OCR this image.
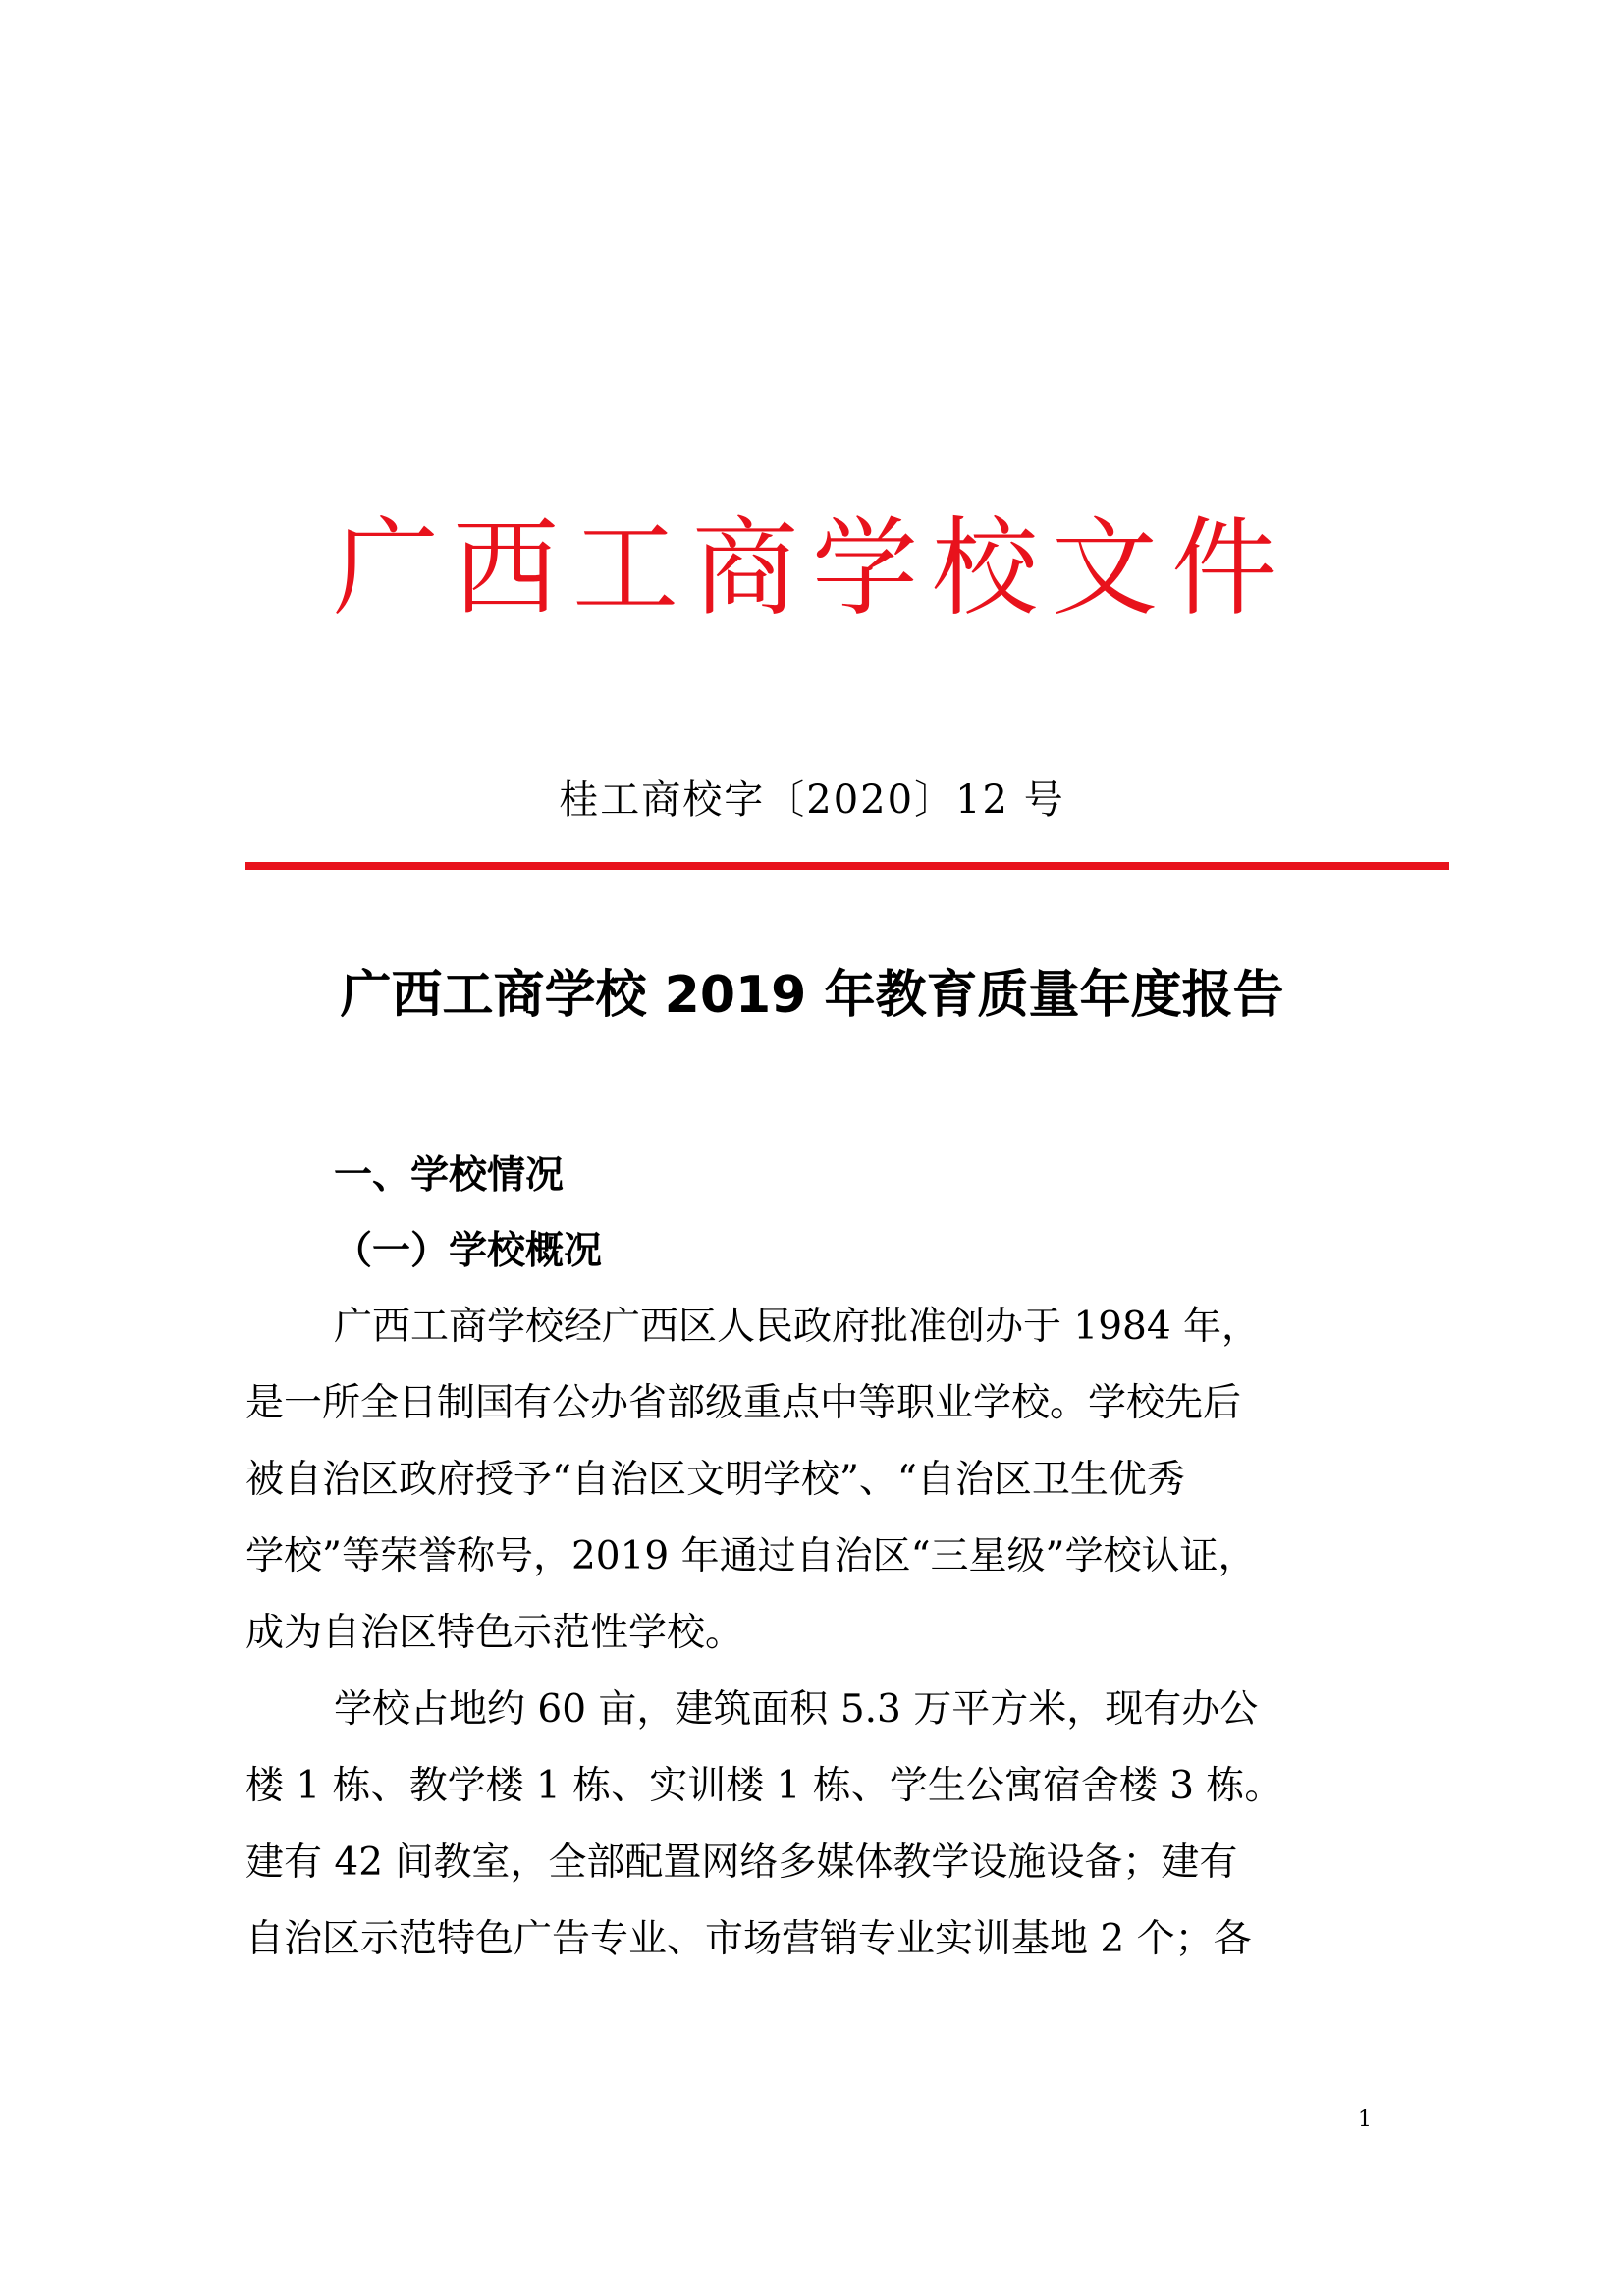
广西工商学校文件
桂工商校字〔2020〕12 号
广西工商学校 2019 年教育质量年度报告
一、学校情况
（一）学校概况
广西工商学校经广西区人民政府批准创办于 1984 年，
是一所全日制国有公办省部级重点中等职业学校。学校先后
被自治区政府授予“自治区文明学校”、“自治区卫生优秀
学校”等荣誉称号，2019 年通过自治区“三星级”学校认证，
成为自治区特色示范性学校。
学校占地约 60 亩，建筑面积 5.3 万平方米，现有办公
楼 1 栋、教学楼 1 栋、实训楼 1 栋、学生公寓宿舍楼 3 栋。
建有 42 间教室，全部配置网络多媒体教学设施设备；建有
自治区示范特色广告专业、市场营销专业实训基地 2 个；各
1
